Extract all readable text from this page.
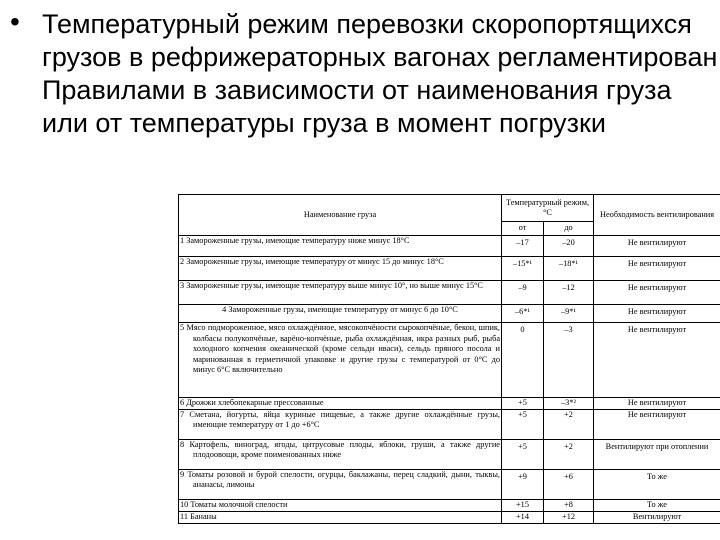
• Температурный режим перевозки скоропортящихся грузов в рефрижераторных вагонах регламентирован Правилами в зависимости от наименования груза или от температуры груза в момент погрузки
Наименование груза	Температурный режим,°С		Необходимость вентилирования
	от	до	
1 Замороженные грузы, имеющие температуру ниже минус 18°С	–17	–20	Не вентилируют
2 Замороженные грузы, имеющие температуру от минус 15 до минус 18°С	–15*¹	–18*¹	Не вентилируют
3 Замороженные грузы, имеющие температуру выше минус 10°, но выше минус 15°С	–9	–12	Не вентилируют
4 Замороженные грузы, имеющие температуру от минус 6 до 10°С	–6*¹	–9*¹	Не вентилируют
5 Мясо подмороженное, мясо охлаждённое, мясокопчёности сырокопчёные, бекон, шпик, колбасы полукопчёные, варёно-копчёные, рыба охлаждённая, икра разных рыб, рыба холодного копчения океанической (кроме сельди иваси), сельдь пряного посола и маринованная в герметичной упаковке и другие грузы с температурой от 0°С до минус 6°С включительно	0	–3	Не вентилируют
6 Дрожжи хлебопекарные прессованные	+5	–3*²	Не вентилируют
7 Сметана, йогурты, яйца куриные пищевые, а также другие охлаждённые грузы, имеющие температуру от 1 до +6°С	+5	+2	Не вентилируют
8 Картофель, виноград, ягоды, цитрусовые плоды, яблоки, груши, а также другие плодоовощи, кроме поименованных ниже	+5	+2	Вентилируют при отоплении
9 Томаты розовой и бурой спелости, огурцы, баклажаны, перец сладкий, дыни, тыквы, ананасы, лимоны	+9	+6	То же
10 Томаты молочной спелости	+15	+8	То же
11 Бананы	+14	+12	Вентилируют
